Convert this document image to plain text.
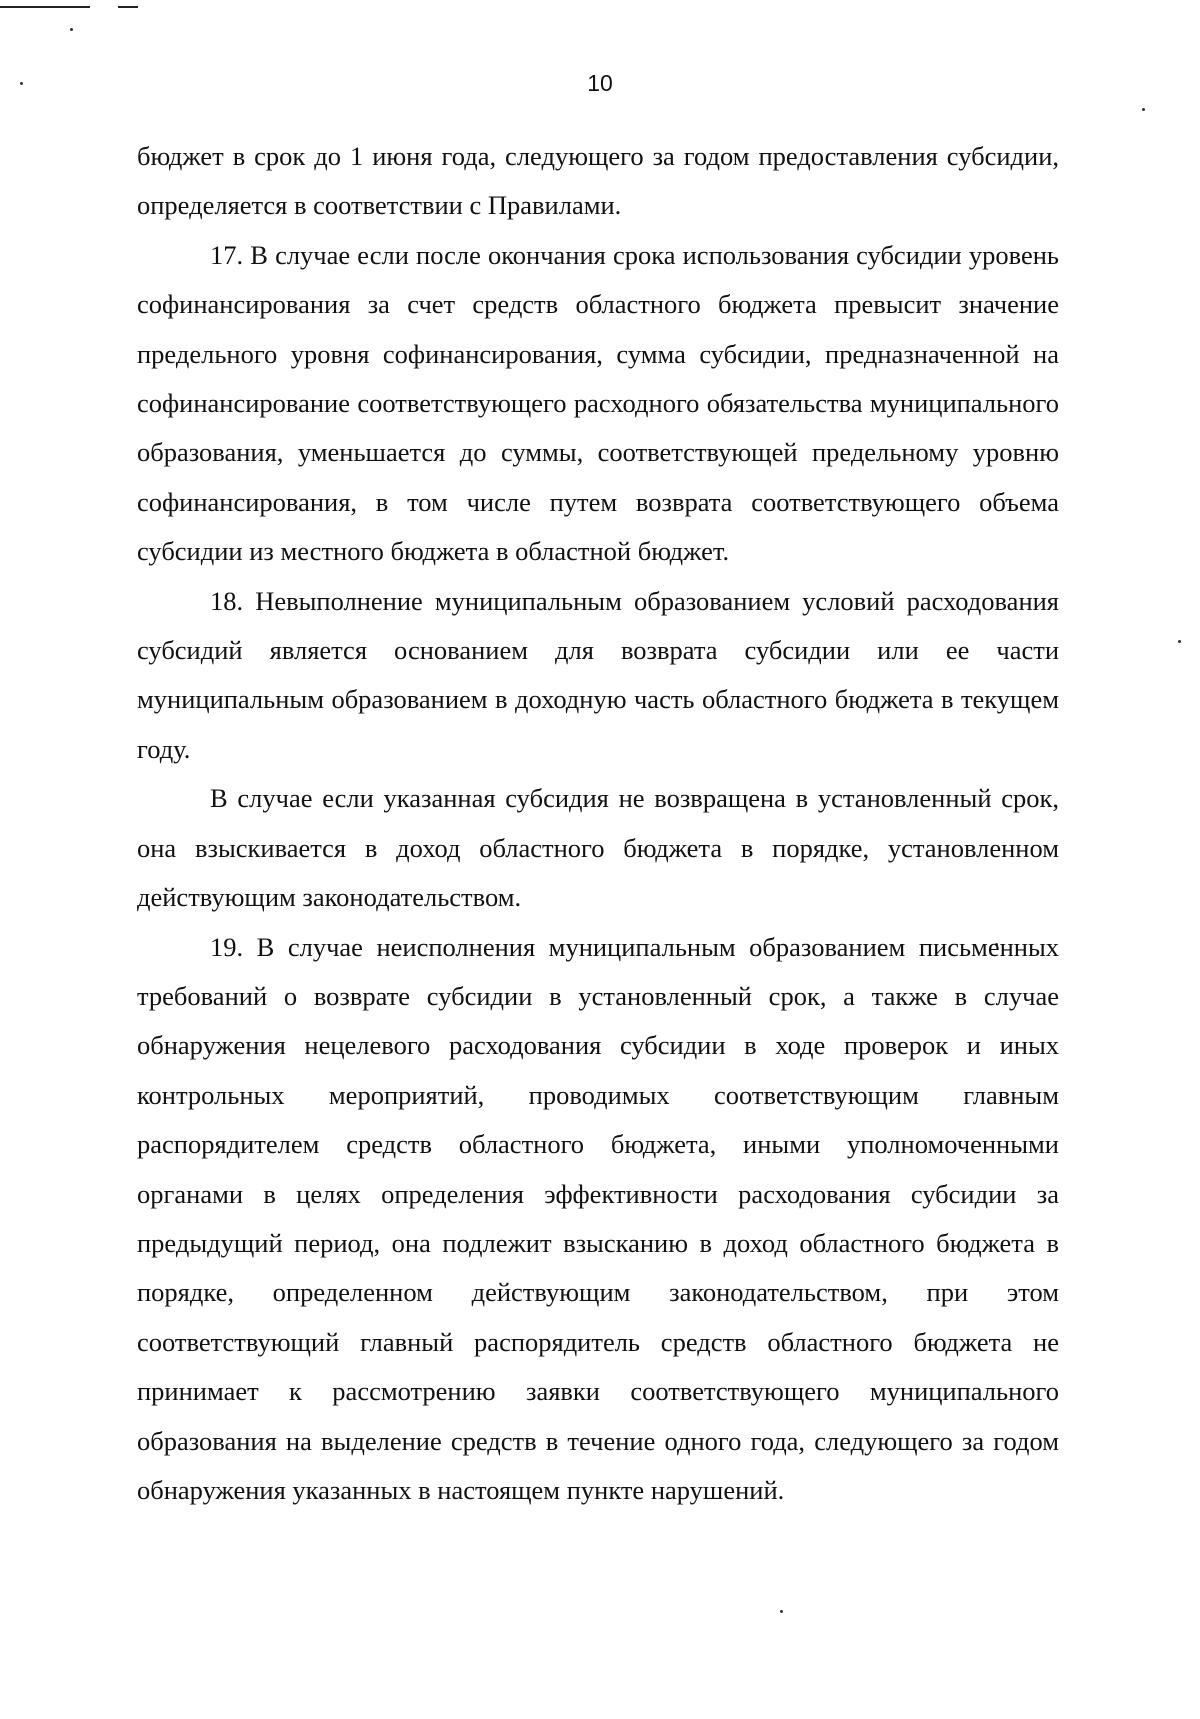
10

бюджет в срок до 1 июня года, следующего за годом предоставления субсидии, определяется в соответствии с Правилами.

17. В случае если после окончания срока использования субсидии уровень софинансирования за счет средств областного бюджета превысит значение предельного уровня софинансирования, сумма субсидии, предназначенной на софинансирование соответствующего расходного обязательства муниципального образования, уменьшается до суммы, соответствующей предельному уровню софинансирования, в том числе путем возврата соответствующего объема субсидии из местного бюджета в областной бюджет.

18. Невыполнение муниципальным образованием условий расходования субсидий является основанием для возврата субсидии или ее части муниципальным образованием в доходную часть областного бюджета в текущем году.

В случае если указанная субсидия не возвращена в установленный срок, она взыскивается в доход областного бюджета в порядке, установленном действующим законодательством.

19. В случае неисполнения муниципальным образованием письменных требований о возврате субсидии в установленный срок, а также в случае обнаружения нецелевого расходования субсидии в ходе проверок и иных контрольных мероприятий, проводимых соответствующим главным распорядителем средств областного бюджета, иными уполномоченными органами в целях определения эффективности расходования субсидии за предыдущий период, она подлежит взысканию в доход областного бюджета в порядке, определенном действующим законодательством, при этом соответствующий главный распорядитель средств областного бюджета не принимает к рассмотрению заявки соответствующего муниципального образования на выделение средств в течение одного года, следующего за годом обнаружения указанных в настоящем пункте нарушений.
